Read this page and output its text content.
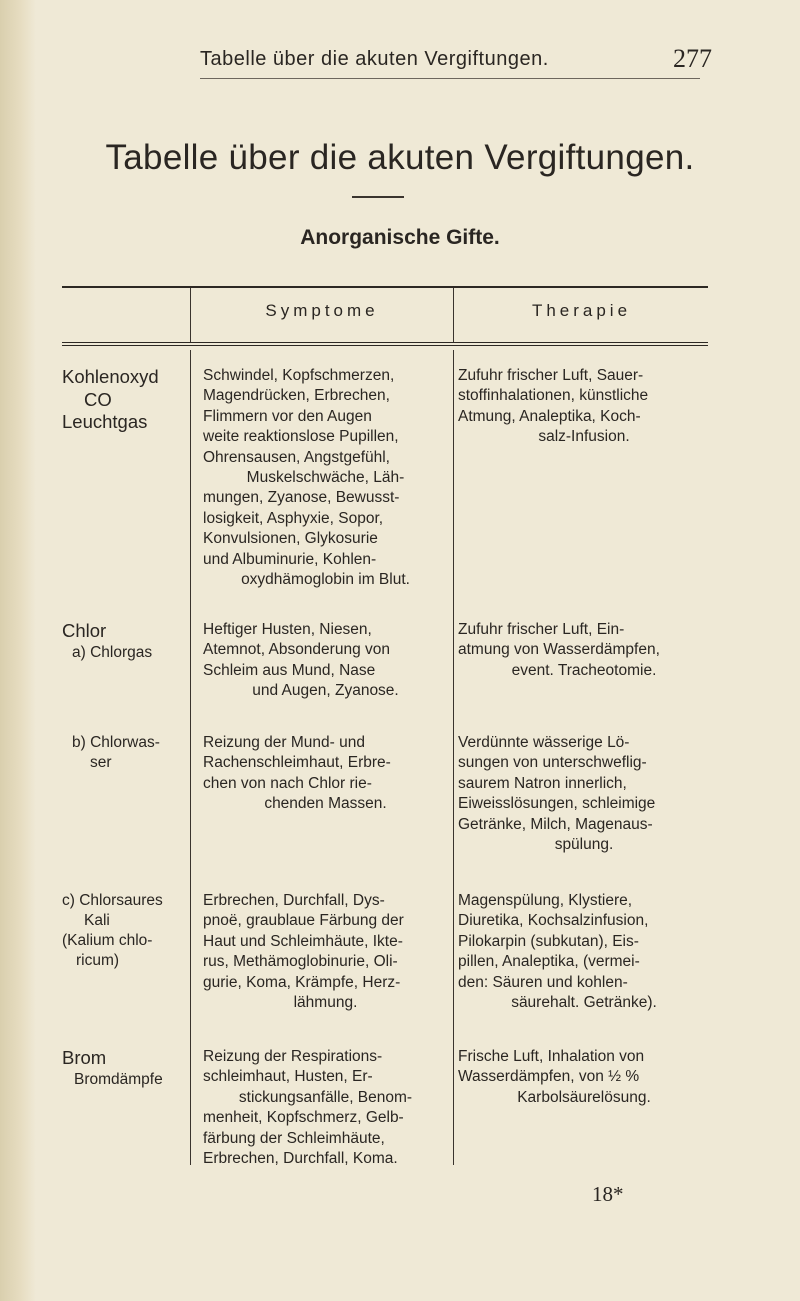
Tabelle über die akuten Vergiftungen.	277
Tabelle über die akuten Vergiftungen.
Anorganische Gifte.
Symptome	Therapie

Kohlenoxyd

CO

Leuchtgas

Schwindel, Kopfschmerzen,

Magendrücken, Erbrechen,

Flimmern vor den Augen

weite reaktionslose Pupillen,

Ohrensausen, Angstgefühl,

Muskelschwäche, Läh-

mungen, Zyanose, Bewusst-

losigkeit, Asphyxie, Sopor,

Konvulsionen, Glykosurie

und Albuminurie, Kohlen-

oxydhämoglobin im Blut.

Zufuhr frischer Luft, Sauer-

stoffinhalationen, künstliche

Atmung, Analeptika, Koch-

salz-Infusion.

Chlor

a) Chlorgas

Heftiger Husten, Niesen,

Atemnot, Absonderung von

Schleim aus Mund, Nase

und Augen, Zyanose.

Zufuhr frischer Luft, Ein-

atmung von Wasserdämpfen,

event. Tracheotomie.

b) Chlorwas-

ser

Reizung der Mund- und

Rachenschleimhaut, Erbre-

chen von nach Chlor rie-

chenden Massen.

Verdünnte wässerige Lö-

sungen von unterschweflig-

saurem Natron innerlich,

Eiweisslösungen, schleimige

Getränke, Milch, Magenaus-

spülung.

c) Chlorsaures

Kali

(Kalium chlo-

ricum)

Erbrechen, Durchfall, Dys-

pnoë, graublaue Färbung der

Haut und Schleimhäute, Ikte-

rus, Methämoglobinurie, Oli-

gurie, Koma, Krämpfe, Herz-

lähmung.

Magenspülung, Klystiere,

Diuretika, Kochsalzinfusion,

Pilokarpin (subkutan), Eis-

pillen, Analeptika, (vermei-

den: Säuren und kohlen-

säurehalt. Getränke).

Brom

Bromdämpfe

Reizung der Respirations-

schleimhaut, Husten, Er-

stickungsanfälle, Benom-

menheit, Kopfschmerz, Gelb-

färbung der Schleimhäute,

Erbrechen, Durchfall, Koma.

Frische Luft, Inhalation von

Wasserdämpfen, von ½ %

Karbolsäurelösung.

18*
